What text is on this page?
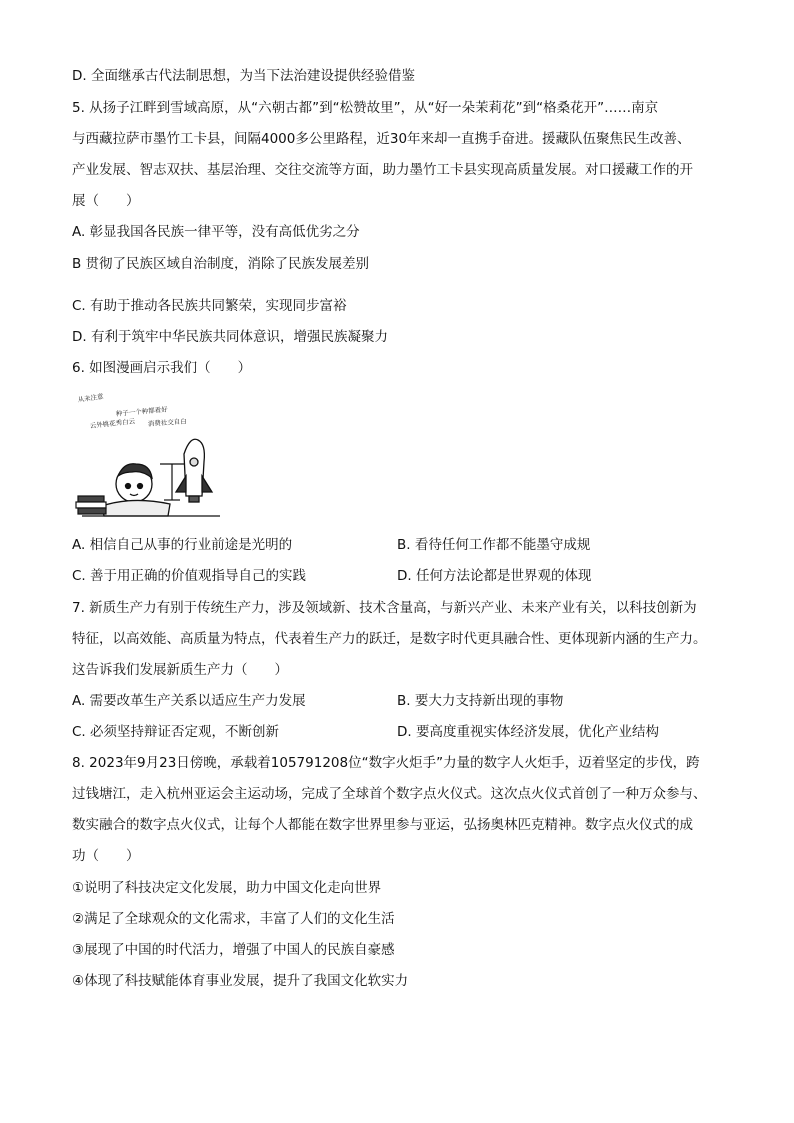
D. 全面继承古代法制思想，为当下法治建设提供经验借鉴
5. 从扬子江畔到雪域高原，从“六朝古都”到“松赞故里”，从“好一朵茉莉花”到“格桑花开”……南京
与西藏拉萨市墨竹工卡县，间隔4000多公里路程，近30年来却一直携手奋进。援藏队伍聚焦民生改善、
产业发展、智志双扶、基层治理、交往交流等方面，助力墨竹工卡县实现高质量发展。对口援藏工作的开
展（　　）
A. 彰显我国各民族一律平等，没有高低优劣之分
B 贯彻了民族区域自治制度，消除了民族发展差别
C. 有助于推动各民族共同繁荣，实现同步富裕
D. 有利于筑牢中华民族共同体意识，增强民族凝聚力
6. 如图漫画启示我们（　　）
从未注意
云外桃花秀白云
种子一个种都看好
消费社交自白
A. 相信自己从事的行业前途是光明的	B. 看待任何工作都不能墨守成规
C. 善于用正确的价值观指导自己的实践	D. 任何方法论都是世界观的体现
7. 新质生产力有别于传统生产力，涉及领域新、技术含量高，与新兴产业、未来产业有关，以科技创新为
特征，以高效能、高质量为特点，代表着生产力的跃迁，是数字时代更具融合性、更体现新内涵的生产力。
这告诉我们发展新质生产力（　　）
A. 需要改革生产关系以适应生产力发展	B. 要大力支持新出现的事物
C. 必须坚持辩证否定观，不断创新	D. 要高度重视实体经济发展，优化产业结构
8. 2023年9月23日傍晚，承载着105791208位“数字火炬手”力量的数字人火炬手，迈着坚定的步伐，跨
过钱塘江，走入杭州亚运会主运动场，完成了全球首个数字点火仪式。这次点火仪式首创了一种万众参与、
数实融合的数字点火仪式，让每个人都能在数字世界里参与亚运，弘扬奥林匹克精神。数字点火仪式的成
功（　　）
①说明了科技决定文化发展，助力中国文化走向世界
②满足了全球观众的文化需求，丰富了人们的文化生活
③展现了中国的时代活力，增强了中国人的民族自豪感
④体现了科技赋能体育事业发展，提升了我国文化软实力
